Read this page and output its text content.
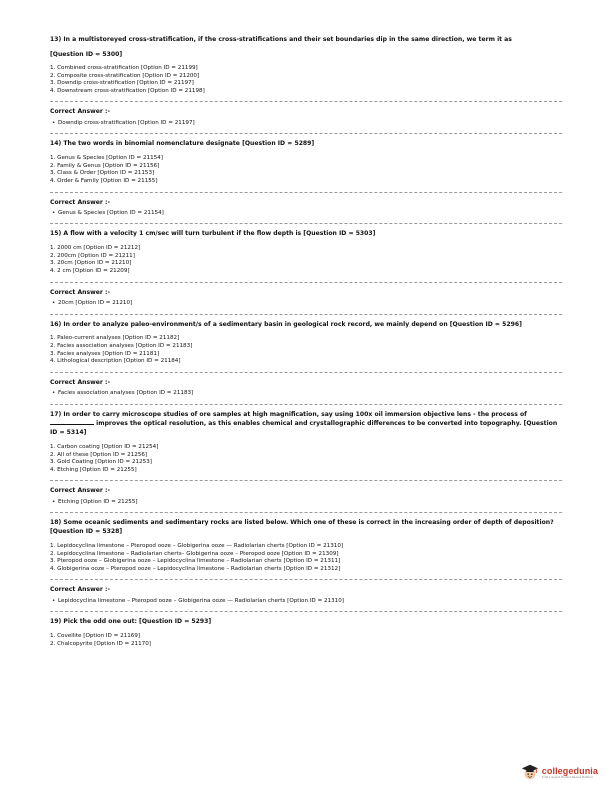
13) In a multistoreyed cross-stratification, if the cross-stratifications and their set boundaries dip in the same direction, we term it as
[Question ID = 5300]
1. Combined cross-stratification [Option ID = 21199]
2. Composite cross-stratification [Option ID = 21200]
3. Downdip cross-stratification [Option ID = 21197]
4. Downstream cross-stratification [Option ID = 21198]
Correct Answer :-
• Downdip cross-stratification [Option ID = 21197]
14) The two words in binomial nomenclature designate [Question ID = 5289]
1. Genus & Species [Option ID = 21154]
2. Family & Genus [Option ID = 21156]
3. Class & Order [Option ID = 21153]
4. Order & Family [Option ID = 21155]
Correct Answer :-
• Genus & Species [Option ID = 21154]
15) A flow with a velocity 1 cm/sec will turn turbulent if the flow depth is [Question ID = 5303]
1. 2000 cm [Option ID = 21212]
2. 200cm [Option ID = 21211]
3. 20cm [Option ID = 21210]
4. 2 cm [Option ID = 21209]
Correct Answer :-
• 20cm [Option ID = 21210]
16) In order to analyze paleo-environment/s of a sedimentary basin in geological rock record, we mainly depend on [Question ID = 5296]
1. Paleo-current analyses [Option ID = 21182]
2. Facies association analyses [Option ID = 21183]
3. Facies analyses [Option ID = 21181]
4. Lithological description [Option ID = 21184]
Correct Answer :-
• Facies association analyses [Option ID = 21183]
17) In order to carry microscope studies of ore samples at high magnification, say using 100x oil immersion objective lens - the process of  improves the optical resolution, as this enables chemical and crystallographic differences to be converted into topography. [Question ID = 5314]
1. Carbon coating [Option ID = 21254]
2. All of these [Option ID = 21256]
3. Gold Coating [Option ID = 21253]
4. Etching [Option ID = 21255]
Correct Answer :-
• Etching [Option ID = 21255]
18) Some oceanic sediments and sedimentary rocks are listed below. Which one of these is correct in the increasing order of depth of deposition? [Question ID = 5328]
1. Lepidocyclina limestone – Pteropod ooze – Globigerina ooze — Radiolarian cherts [Option ID = 21310]
2. Lepidocyclina limestone – Radiolarian cherts– Globigerina ooze – Pteropod ooze [Option ID = 21309]
3. Pteropod ooze – Globigerina ooze – Lepidocyclina limestone – Radiolarian cherts [Option ID = 21311]
4. Globigerina ooze – Pteropod ooze – Lepidocyclina limestone – Radiolarian cherts [Option ID = 21312]
Correct Answer :-
• Lepidocyclina limestone – Pteropod ooze – Globigerina ooze — Radiolarian cherts [Option ID = 21310]
19) Pick the odd one out: [Question ID = 5293]
1. Covellite [Option ID = 21169]
2. Chalcopyrite [Option ID = 21170]
collegedunia
India's largest Student Review Platform
